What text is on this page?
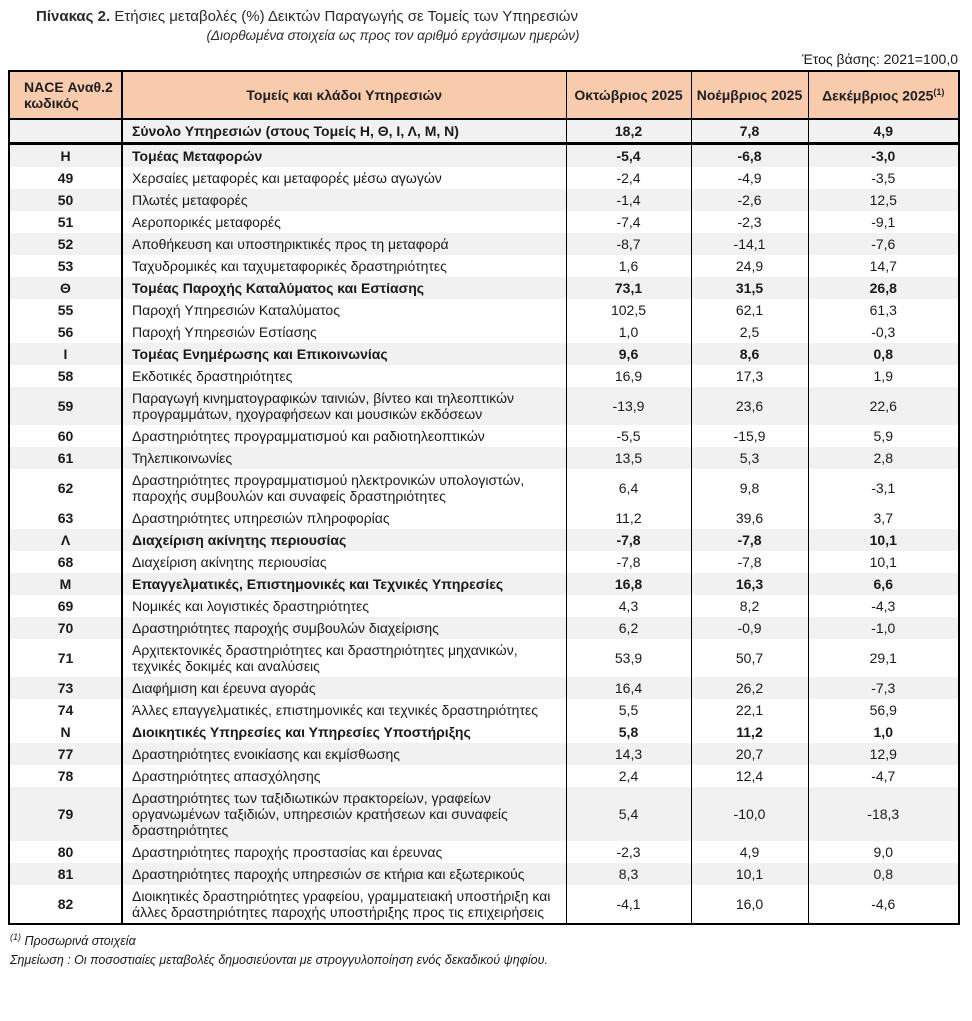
Πίνακας 2. Ετήσιες μεταβολές (%) Δεικτών Παραγωγής σε Τομείς των Υπηρεσιών
(Διορθωμένα στοιχεία ως προς τον αριθμό εργάσιμων ημερών)
Έτος βάσης: 2021=100,0
NACE Αναθ.2 κωδικός	Τομείς και κλάδοι Υπηρεσιών	Οκτώβριος 2025	Νοέμβριος 2025	Δεκέμβριος 2025$^{(1)}$
	Σύνολο Υπηρεσιών (στους Τομείς Η, Θ, Ι, Λ, Μ, Ν)	18,2	7,8	4,9
Η	Τομέας Μεταφορών	-5,4	-6,8	-3,0
49	Χερσαίες μεταφορές και μεταφορές μέσω αγωγών	-2,4	-4,9	-3,5
50	Πλωτές μεταφορές	-1,4	-2,6	12,5
51	Αεροπορικές μεταφορές	-7,4	-2,3	-9,1
52	Αποθήκευση και υποστηρικτικές προς τη μεταφορά	-8,7	-14,1	-7,6
53	Ταχυδρομικές και ταχυμεταφορικές δραστηριότητες	1,6	24,9	14,7
Θ	Τομέας Παροχής Καταλύματος και Εστίασης	73,1	31,5	26,8
55	Παροχή Υπηρεσιών Καταλύματος	102,5	62,1	61,3
56	Παροχή Υπηρεσιών Εστίασης	1,0	2,5	-0,3
Ι	Τομέας Ενημέρωσης και Επικοινωνίας	9,6	8,6	0,8
58	Εκδοτικές δραστηριότητες	16,9	17,3	1,9
59	Παραγωγή κινηματογραφικών ταινιών, βίντεο και τηλεοπτικών προγραμμάτων, ηχογραφήσεων και μουσικών εκδόσεων	-13,9	23,6	22,6
60	Δραστηριότητες προγραμματισμού και ραδιοτηλεοπτικών	-5,5	-15,9	5,9
61	Τηλεπικοινωνίες	13,5	5,3	2,8
62	Δραστηριότητες προγραμματισμού ηλεκτρονικών υπολογιστών, παροχής συμβουλών και συναφείς δραστηριότητες	6,4	9,8	-3,1
63	Δραστηριότητες υπηρεσιών πληροφορίας	11,2	39,6	3,7
Λ	Διαχείριση ακίνητης περιουσίας	-7,8	-7,8	10,1
68	Διαχείριση ακίνητης περιουσίας	-7,8	-7,8	10,1
Μ	Επαγγελματικές, Επιστημονικές και Τεχνικές Υπηρεσίες	16,8	16,3	6,6
69	Νομικές και λογιστικές δραστηριότητες	4,3	8,2	-4,3
70	Δραστηριότητες παροχής συμβουλών διαχείρισης	6,2	-0,9	-1,0
71	Αρχιτεκτονικές δραστηριότητες και δραστηριότητες μηχανικών, τεχνικές δοκιμές και αναλύσεις	53,9	50,7	29,1
73	Διαφήμιση και έρευνα αγοράς	16,4	26,2	-7,3
74	Άλλες επαγγελματικές, επιστημονικές και τεχνικές δραστηριότητες	5,5	22,1	56,9
Ν	Διοικητικές Υπηρεσίες και Υπηρεσίες Υποστήριξης	5,8	11,2	1,0
77	Δραστηριότητες ενοικίασης και εκμίσθωσης	14,3	20,7	12,9
78	Δραστηριότητες απασχόλησης	2,4	12,4	-4,7
79	Δραστηριότητες των ταξιδιωτικών πρακτορείων, γραφείων οργανωμένων ταξιδιών, υπηρεσιών κρατήσεων και συναφείς δραστηριότητες	5,4	-10,0	-18,3
80	Δραστηριότητες παροχής προστασίας και έρευνας	-2,3	4,9	9,0
81	Δραστηριότητες παροχής υπηρεσιών σε κτήρια και εξωτερικούς	8,3	10,1	0,8
82	Διοικητικές δραστηριότητες γραφείου, γραμματειακή υποστήριξη και άλλες δραστηριότητες παροχής υποστήριξης προς τις επιχειρήσεις	-4,1	16,0	-4,6
$^{(1)}$ Προσωρινά στοιχεία
Σημείωση : Οι ποσοστιαίες μεταβολές δημοσιεύονται με στρογγυλοποίηση ενός δεκαδικού ψηφίου.
